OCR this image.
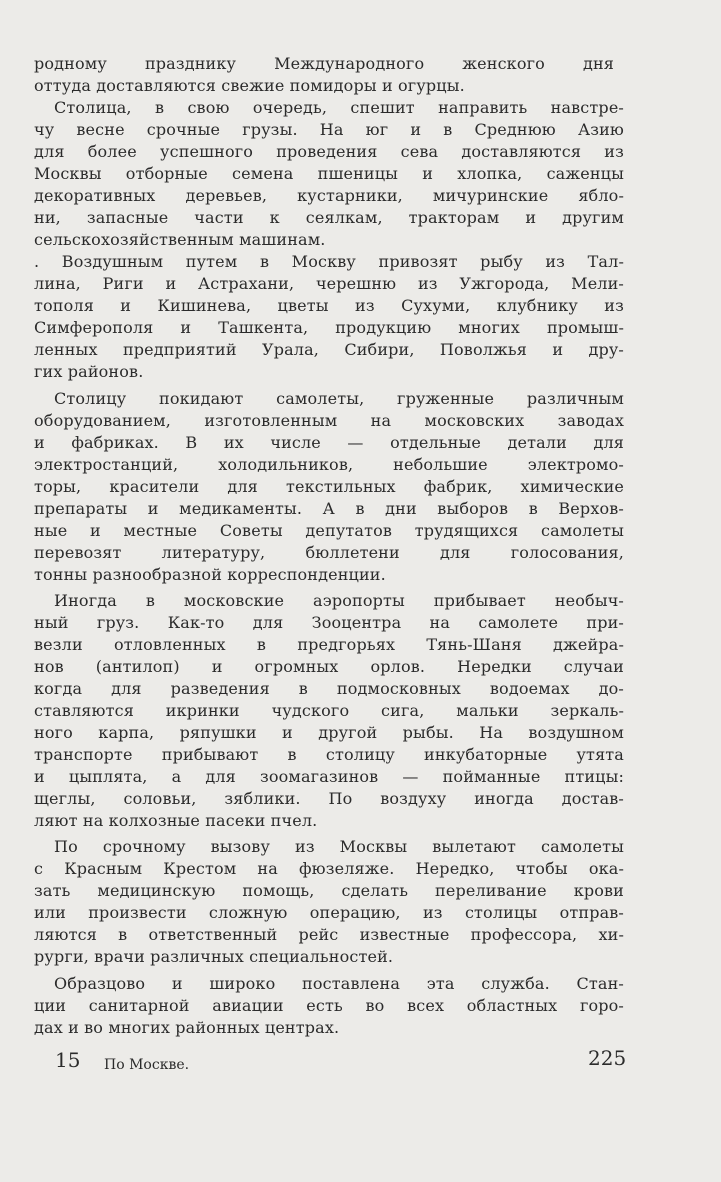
родному празднику Международного женского дня
оттуда доставляются свежие помидоры и огурцы.
Столица, в свою очередь, спешит направить навстре-
чу весне срочные грузы. На юг и в Среднюю Азию
для более успешного проведения сева доставляются из
Москвы отборные семена пшеницы и хлопка, саженцы
декоративных деревьев, кустарники, мичуринские ябло-
ни, запасные части к сеялкам, тракторам и другим
сельскохозяйственным машинам.
. Воздушным путем в Москву привозят рыбу из Тал-
лина, Риги и Астрахани, черешню из Ужгорода, Мели-
тополя и Кишинева, цветы из Сухуми, клубнику из
Симферополя и Ташкента, продукцию многих промыш-
ленных предприятий Урала, Сибири, Поволжья и дру-
гих районов.
Столицу покидают самолеты, груженные различным
оборудованием, изготовленным на московских заводах
и фабриках. В их числе — отдельные детали для
электростанций, холодильников, небольшие электромо-
торы, красители для текстильных фабрик, химические
препараты и медикаменты. А в дни выборов в Верхов-
ные и местные Советы депутатов трудящихся самолеты
перевозят литературу, бюллетени для голосования,
тонны разнообразной корреспонденции.
Иногда в московские аэропорты прибывает необыч-
ный груз. Как-то для Зооцентра на самолете при-
везли отловленных в предгорьях Тянь-Шаня джейра-
нов (антилоп) и огромных орлов. Нередки случаи
когда для разведения в подмосковных водоемах до-
ставляются икринки чудского сига, мальки зеркаль-
ного карпа, ряпушки и другой рыбы. На воздушном
транспорте прибывают в столицу инкубаторные утята
и цыплята, а для зоомагазинов — пойманные птицы:
щеглы, соловьи, зяблики. По воздуху иногда достав-
ляют на колхозные пасеки пчел.
По срочному вызову из Москвы вылетают самолеты
с Красным Крестом на фюзеляже. Нередко, чтобы ока-
зать медицинскую помощь, сделать переливание крови
или произвести сложную операцию, из столицы отправ-
ляются в ответственный рейс известные профессора, хи-
рурги, врачи различных специальностей.
Образцово и широко поставлена эта служба. Стан-
ции санитарной авиации есть во всех областных горо-
дах и во многих районных центрах.
15 По Москве.	225
